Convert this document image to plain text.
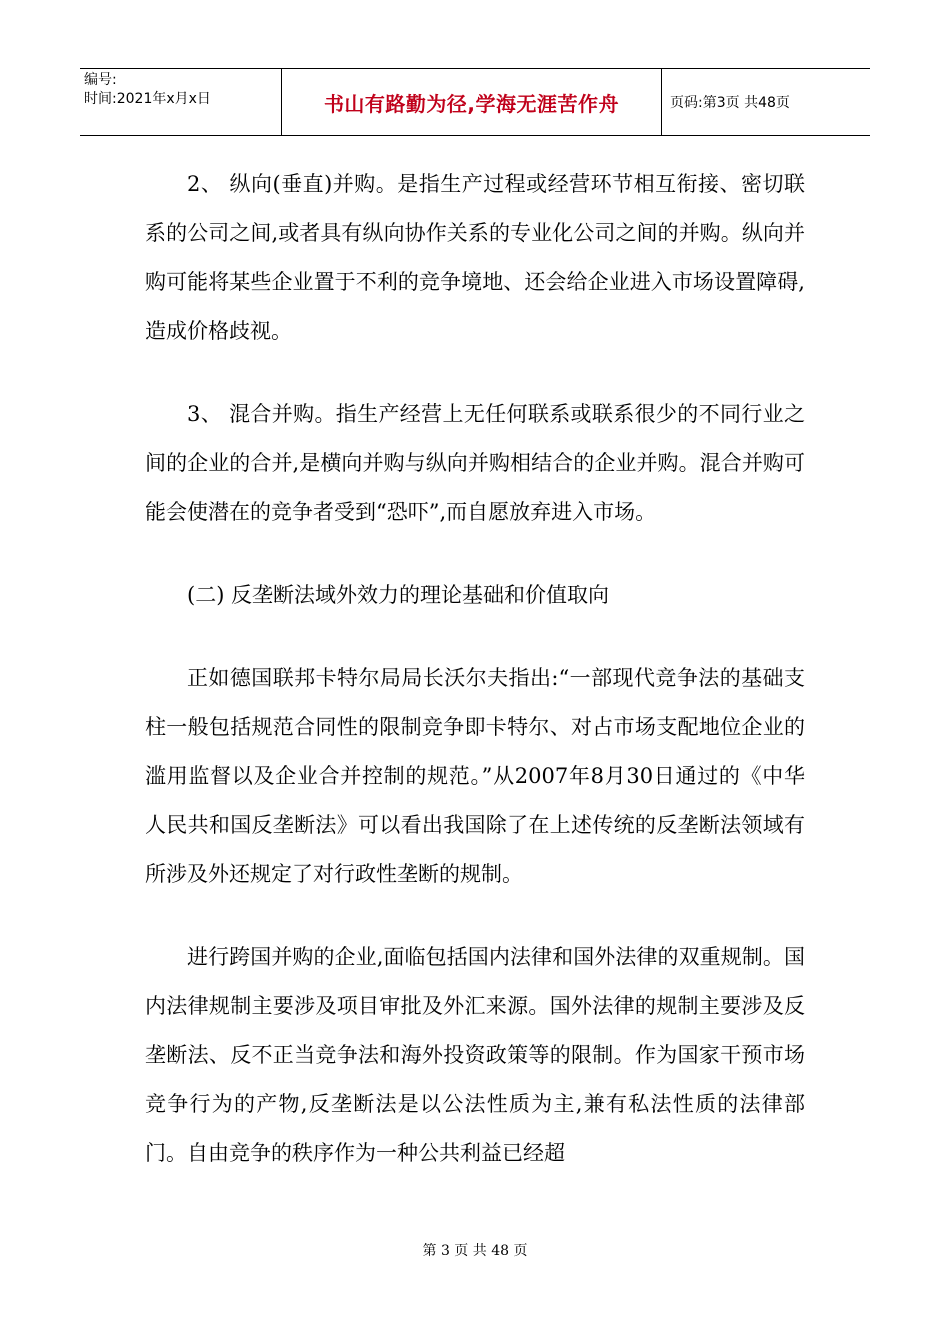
编号:
时间:2021年x月x日	书山有路勤为径,学海无涯苦作舟	页码:第3页 共48页

2、 纵向(垂直)并购。是指生产过程或经营环节相互衔接、密切联系的公司之间,或者具有纵向协作关系的专业化公司之间的并购。纵向并购可能将某些企业置于不利的竞争境地、还会给企业进入市场设置障碍,造成价格歧视。

3、 混合并购。指生产经营上无任何联系或联系很少的不同行业之间的企业的合并,是横向并购与纵向并购相结合的企业并购。混合并购可能会使潜在的竞争者受到“恐吓”,而自愿放弃进入市场。

(二) 反垄断法域外效力的理论基础和价值取向

正如德国联邦卡特尔局局长沃尔夫指出:“一部现代竞争法的基础支柱一般包括规范合同性的限制竞争即卡特尔、对占市场支配地位企业的滥用监督以及企业合并控制的规范。”从2007年8月30日通过的《中华人民共和国反垄断法》可以看出我国除了在上述传统的反垄断法领域有所涉及外还规定了对行政性垄断的规制。

进行跨国并购的企业,面临包括国内法律和国外法律的双重规制。国内法律规制主要涉及项目审批及外汇来源。国外法律的规制主要涉及反垄断法、反不正当竞争法和海外投资政策等的限制。作为国家干预市场竞争行为的产物,反垄断法是以公法性质为主,兼有私法性质的法律部门。自由竞争的秩序作为一种公共利益已经超

第 3 页 共 48 页
